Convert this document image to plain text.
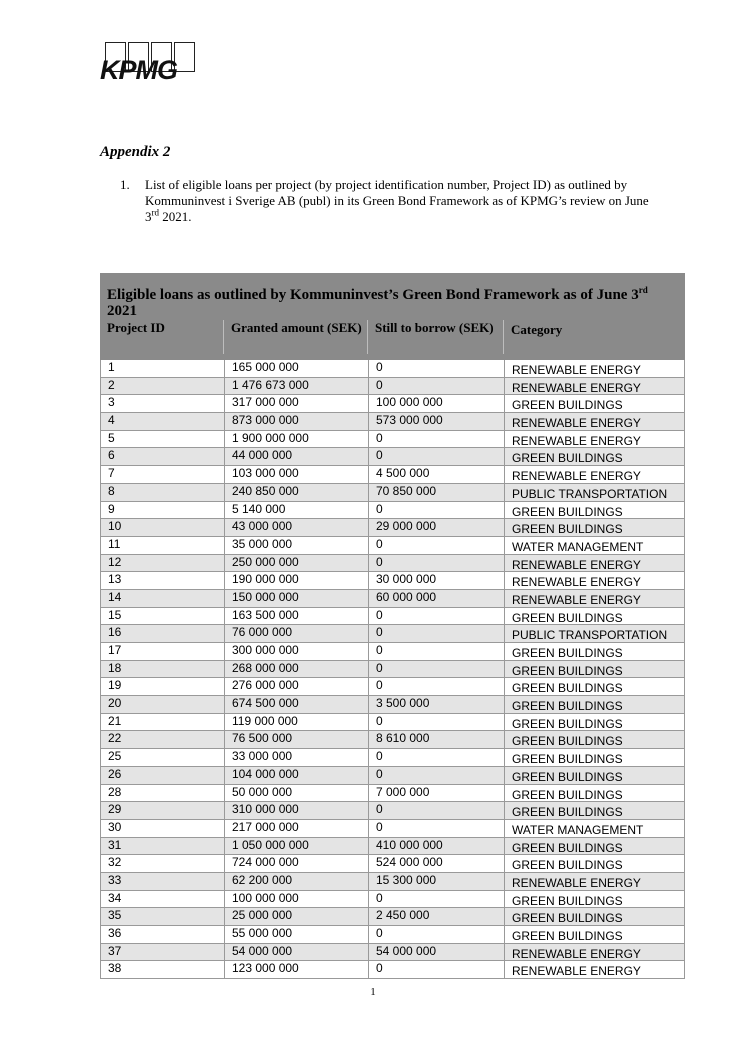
KPMG
Appendix 2
1.	List of eligible loans per project (by project identification number, Project ID) as outlined by Kommuninvest i Sverige AB (publ) in its Green Bond Framework as of KPMG’s review on June 3rd 2021.
Eligible loans as outlined by Kommuninvest’s Green Bond Framework as of June 3rd 2021
Project ID	Granted amount (SEK)	Still to borrow (SEK)	Category
1	165 000 000	0	RENEWABLE ENERGY
2	1 476 673 000	0	RENEWABLE ENERGY
3	317 000 000	100 000 000	GREEN BUILDINGS
4	873 000 000	573 000 000	RENEWABLE ENERGY
5	1 900 000 000	0	RENEWABLE ENERGY
6	44 000 000	0	GREEN BUILDINGS
7	103 000 000	4 500 000	RENEWABLE ENERGY
8	240 850 000	70 850 000	PUBLIC TRANSPORTATION
9	5 140 000	0	GREEN BUILDINGS
10	43 000 000	29 000 000	GREEN BUILDINGS
11	35 000 000	0	WATER MANAGEMENT
12	250 000 000	0	RENEWABLE ENERGY
13	190 000 000	30 000 000	RENEWABLE ENERGY
14	150 000 000	60 000 000	RENEWABLE ENERGY
15	163 500 000	0	GREEN BUILDINGS
16	76 000 000	0	PUBLIC TRANSPORTATION
17	300 000 000	0	GREEN BUILDINGS
18	268 000 000	0	GREEN BUILDINGS
19	276 000 000	0	GREEN BUILDINGS
20	674 500 000	3 500 000	GREEN BUILDINGS
21	119 000 000	0	GREEN BUILDINGS
22	76 500 000	8 610 000	GREEN BUILDINGS
25	33 000 000	0	GREEN BUILDINGS
26	104 000 000	0	GREEN BUILDINGS
28	50 000 000	7 000 000	GREEN BUILDINGS
29	310 000 000	0	GREEN BUILDINGS
30	217 000 000	0	WATER MANAGEMENT
31	1 050 000 000	410 000 000	GREEN BUILDINGS
32	724 000 000	524 000 000	GREEN BUILDINGS
33	62 200 000	15 300 000	RENEWABLE ENERGY
34	100 000 000	0	GREEN BUILDINGS
35	25 000 000	2 450 000	GREEN BUILDINGS
36	55 000 000	0	GREEN BUILDINGS
37	54 000 000	54 000 000	RENEWABLE ENERGY
38	123 000 000	0	RENEWABLE ENERGY
1
